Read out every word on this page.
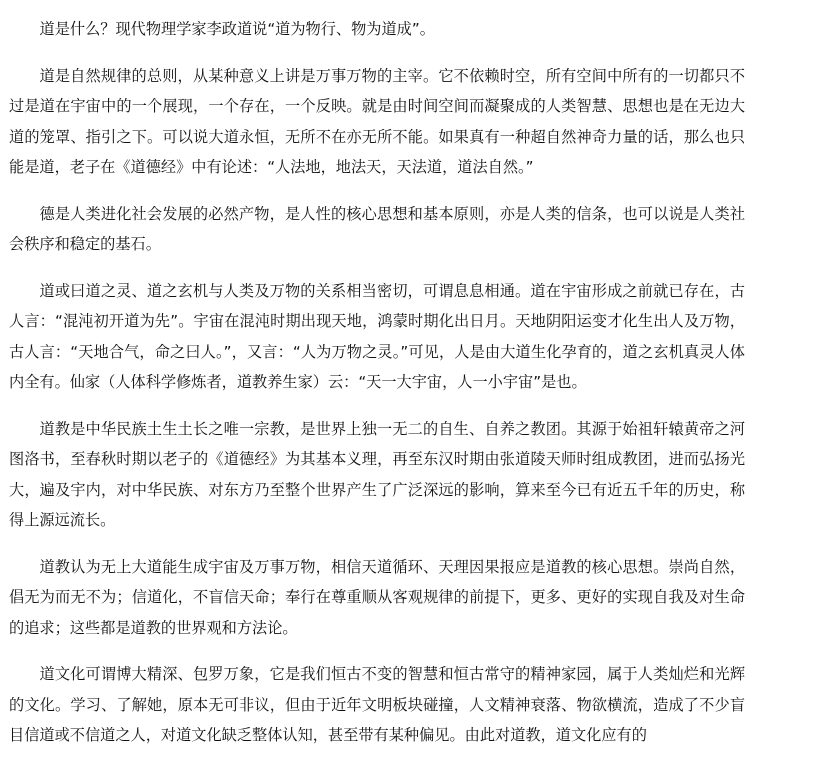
道是什么？现代物理学家李政道说“道为物行、物为道成”。

道是自然规律的总则，从某种意义上讲是万事万物的主宰。它不依赖时空，所有空间中所有的一切都只不过是道在宇宙中的一个展现，一个存在，一个反映。就是由时间空间而凝聚成的人类智慧、思想也是在无边大道的笼罩、指引之下。可以说大道永恒，无所不在亦无所不能。如果真有一种超自然神奇力量的话，那么也只能是道，老子在《道德经》中有论述：“人法地，地法天，天法道，道法自然。”

德是人类进化社会发展的必然产物，是人性的核心思想和基本原则，亦是人类的信条，也可以说是人类社会秩序和稳定的基石。

道或曰道之灵、道之玄机与人类及万物的关系相当密切，可谓息息相通。道在宇宙形成之前就已存在，古人言：“混沌初开道为先”。宇宙在混沌时期出现天地，鸿蒙时期化出日月。天地阴阳运变才化生出人及万物，古人言：“天地合气，命之曰人。”，又言：“人为万物之灵。”可见，人是由大道生化孕育的，道之玄机真灵人体内全有。仙家（人体科学修炼者，道教养生家）云：“天一大宇宙，人一小宇宙”是也。

道教是中华民族土生土长之唯一宗教，是世界上独一无二的自生、自养之教团。其源于始祖轩辕黄帝之河图洛书，至春秋时期以老子的《道德经》为其基本义理，再至东汉时期由张道陵天师时组成教团，进而弘扬光大，遍及宇内，对中华民族、对东方乃至整个世界产生了广泛深远的影响，算来至今已有近五千年的历史，称得上源远流长。

道教认为无上大道能生成宇宙及万事万物，相信天道循环、天理因果报应是道教的核心思想。崇尚自然，倡无为而无不为；信道化，不盲信天命；奉行在尊重顺从客观规律的前提下，更多、更好的实现自我及对生命的追求；这些都是道教的世界观和方法论。

道文化可谓博大精深、包罗万象，它是我们恒古不变的智慧和恒古常守的精神家园，属于人类灿烂和光辉的文化。学习、了解她，原本无可非议，但由于近年文明板块碰撞，人文精神衰落、物欲横流，造成了不少盲目信道或不信道之人，对道文化缺乏整体认知，甚至带有某种偏见。由此对道教，道文化应有的
